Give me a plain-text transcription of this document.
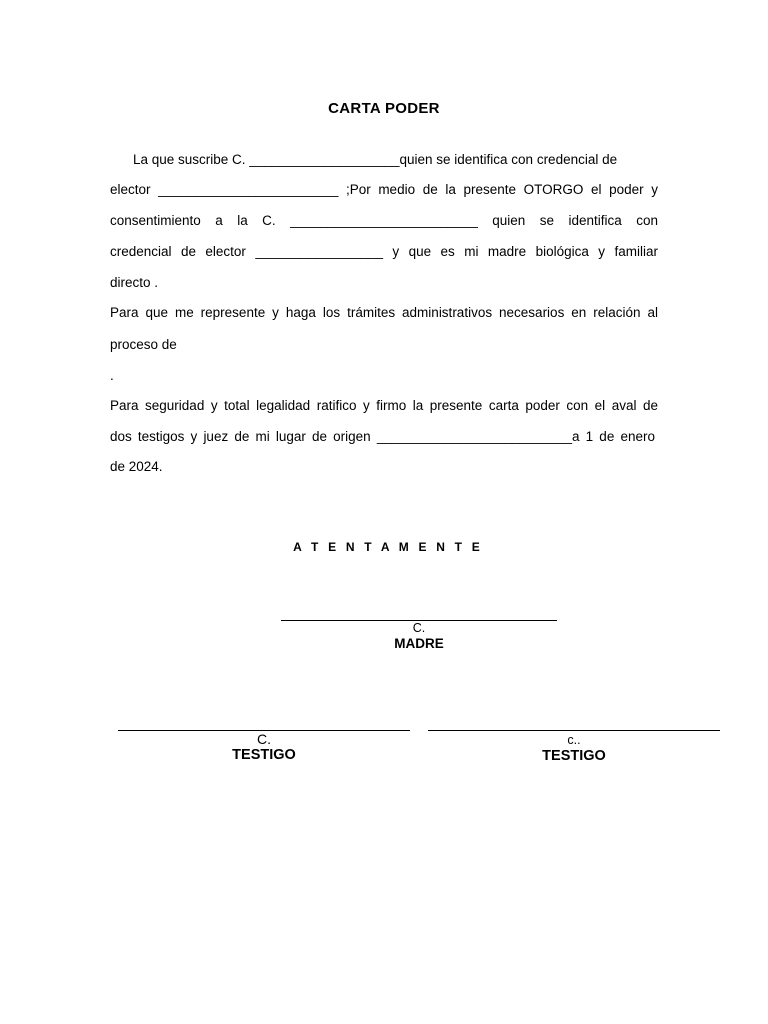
CARTA PODER
La que suscribe C. ____________________quien se identifica con credencial de
elector ________________________ ;Por medio de la presente OTORGO el poder y
consentimiento a la C. _________________________ quien se identifica con
credencial de elector _________________ y que es mi madre biológica y familiar
directo .
Para que me represente y haga los trámites administrativos necesarios en relación al
proceso de
.
Para seguridad y total legalidad ratifico y firmo la presente carta poder con el aval de
dos testigos y juez de mi lugar de origen __________________________a 1 de enero
de 2024.
A T E N T A M E N T E
C.
MADRE
C.
TESTIGO
c..
TESTIGO
